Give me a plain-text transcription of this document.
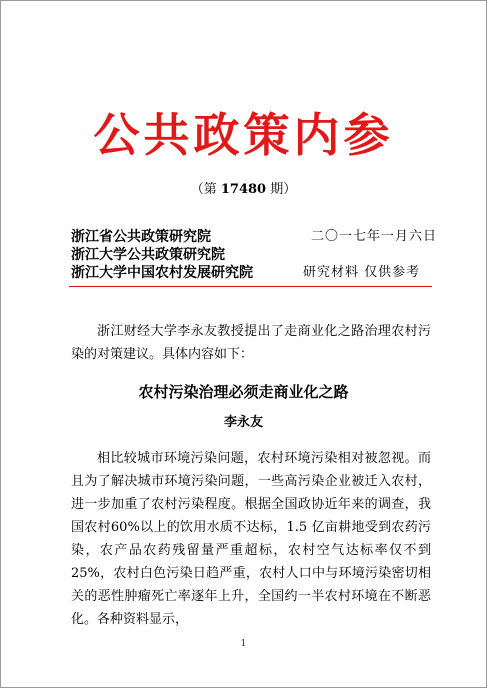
公共政策内参
（第 17480 期）
浙江省公共政策研究院
浙江大学公共政策研究院
浙江大学中国农村发展研究院
二〇一七年一月六日
研究材料 仅供参考

浙江财经大学李永友教授提出了走商业化之路治理农村污染的对策建议。具体内容如下：

农村污染治理必须走商业化之路
李永友

相比较城市环境污染问题，农村环境污染相对被忽视。而且为了解决城市环境污染问题，一些高污染企业被迁入农村，进一步加重了农村污染程度。根据全国政协近年来的调查，我国农村60%以上的饮用水质不达标，1.5 亿亩耕地受到农药污染，农产品农药残留量严重超标，农村空气达标率仅不到 25%，农村白色污染日趋严重，农村人口中与环境污染密切相关的恶性肿瘤死亡率逐年上升，全国约一半农村环境在不断恶化。各种资料显示，

1
